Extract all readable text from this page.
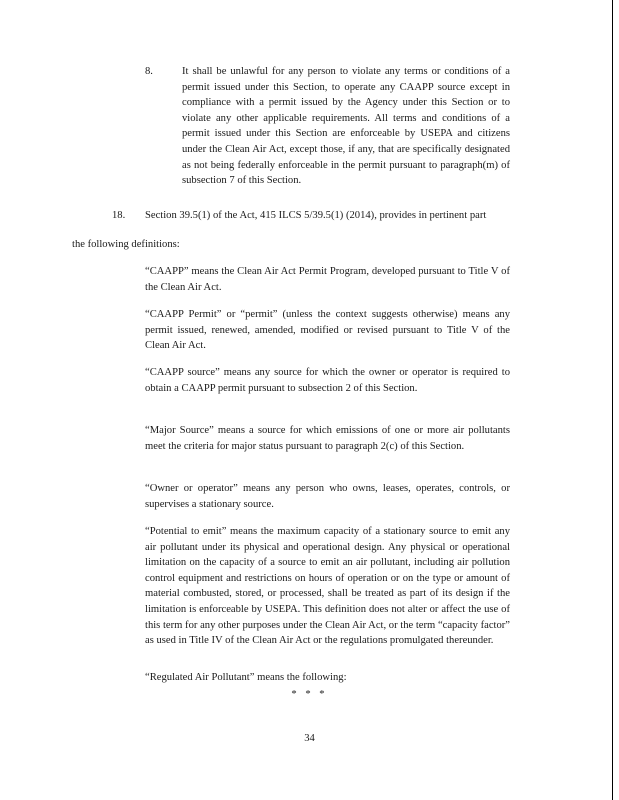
8.	It shall be unlawful for any person to violate any terms or conditions of a permit issued under this Section, to operate any CAAPP source except in compliance with a permit issued by the Agency under this Section or to violate any other applicable requirements. All terms and conditions of a permit issued under this Section are enforceable by USEPA and citizens under the Clean Air Act, except those, if any, that are specifically designated as not being federally enforceable in the permit pursuant to paragraph(m) of subsection 7 of this Section.

18. Section 39.5(1) of the Act, 415 ILCS 5/39.5(1) (2014), provides in pertinent part

the following definitions:

“CAAPP” means the Clean Air Act Permit Program, developed pursuant to Title V of the Clean Air Act.

“CAAPP Permit” or “permit” (unless the context suggests otherwise) means any permit issued, renewed, amended, modified or revised pursuant to Title V of the Clean Air Act.

“CAAPP source” means any source for which the owner or operator is required to obtain a CAAPP permit pursuant to subsection 2 of this Section.

“Major Source” means a source for which emissions of one or more air pollutants meet the criteria for major status pursuant to paragraph 2(c) of this Section.

“Owner or operator” means any person who owns, leases, operates, controls, or supervises a stationary source.

“Potential to emit” means the maximum capacity of a stationary source to emit any air pollutant under its physical and operational design. Any physical or operational limitation on the capacity of a source to emit an air pollutant, including air pollution control equipment and restrictions on hours of operation or on the type or amount of material combusted, stored, or processed, shall be treated as part of its design if the limitation is enforceable by USEPA. This definition does not alter or affect the use of this term for any other purposes under the Clean Air Act, or the term “capacity factor” as used in Title IV of the Clean Air Act or the regulations promulgated thereunder.

“Regulated Air Pollutant” means the following:

* * *
34
